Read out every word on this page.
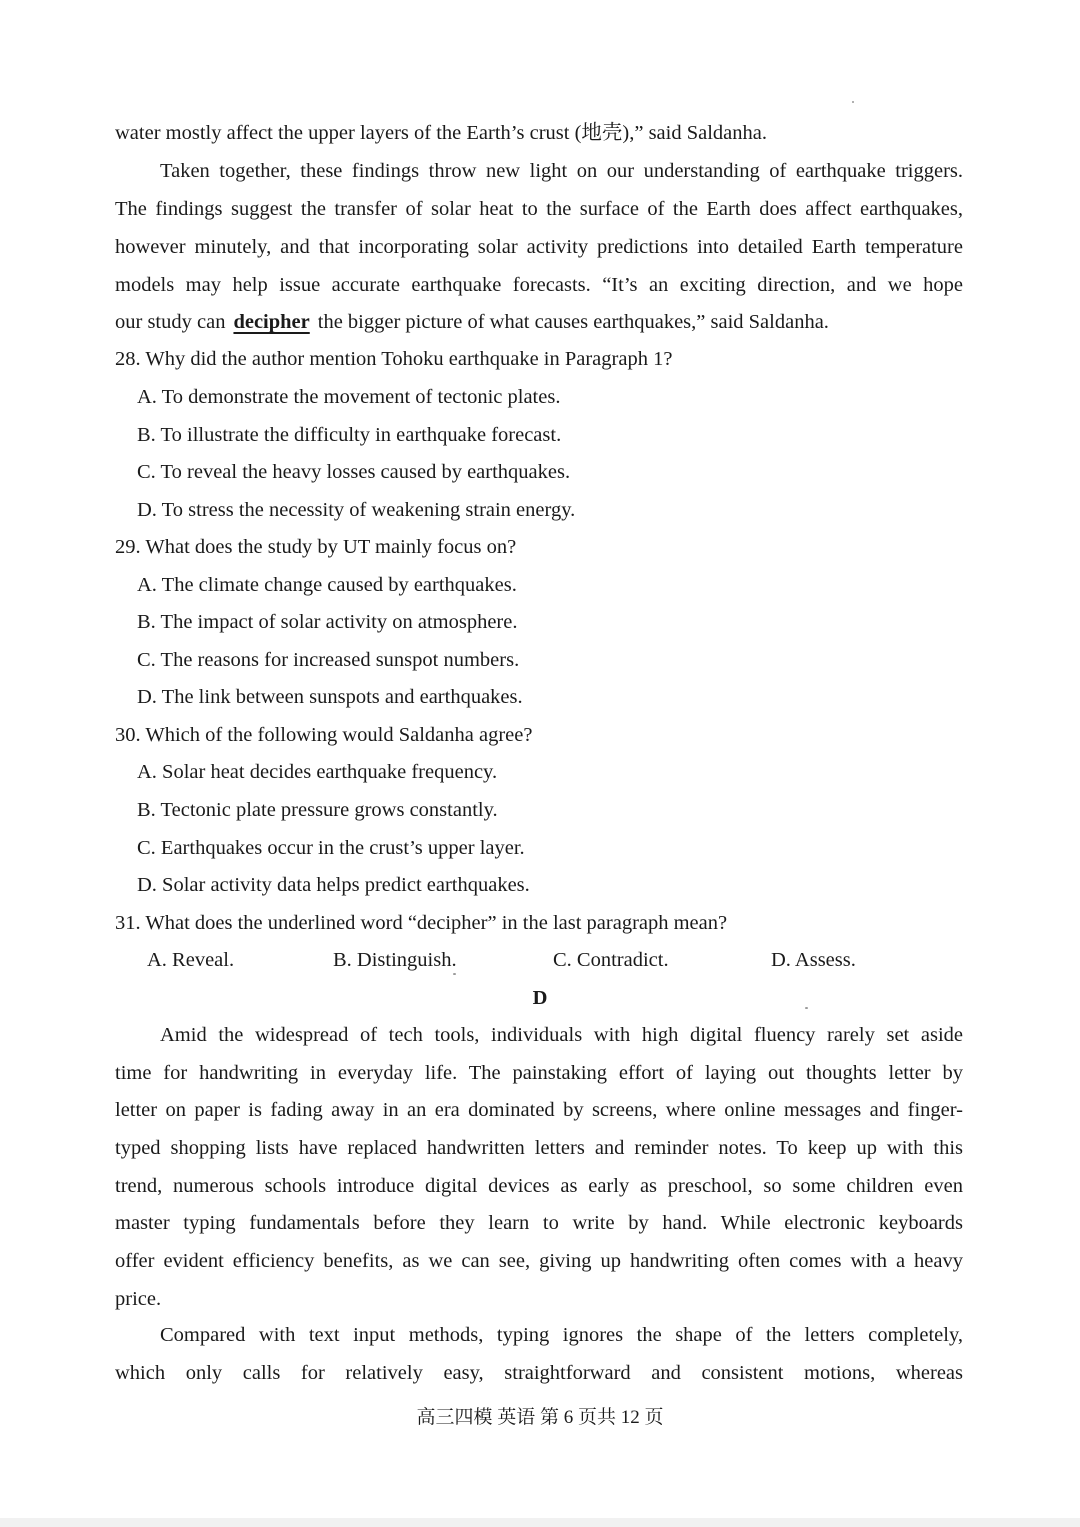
water mostly affect the upper layers of the Earth’s crust (地壳),” said Saldanha.
Taken together, these findings throw new light on our understanding of earthquake triggers.
The findings suggest the transfer of solar heat to the surface of the Earth does affect earthquakes,
however minutely, and that incorporating solar activity predictions into detailed Earth temperature
models may help issue accurate earthquake forecasts. “It’s an exciting direction, and we hope
our study can decipher the bigger picture of what causes earthquakes,” said Saldanha.
28. Why did the author mention Tohoku earthquake in Paragraph 1?
A. To demonstrate the movement of tectonic plates.
B. To illustrate the difficulty in earthquake forecast.
C. To reveal the heavy losses caused by earthquakes.
D. To stress the necessity of weakening strain energy.
29. What does the study by UT mainly focus on?
A. The climate change caused by earthquakes.
B. The impact of solar activity on atmosphere.
C. The reasons for increased sunspot numbers.
D. The link between sunspots and earthquakes.
30. Which of the following would Saldanha agree?
A. Solar heat decides earthquake frequency.
B. Tectonic plate pressure grows constantly.
C. Earthquakes occur in the crust’s upper layer.
D. Solar activity data helps predict earthquakes.
31. What does the underlined word “decipher” in the last paragraph mean?
A. Reveal.	B. Distinguish.	C. Contradict.	D. Assess.
D
Amid the widespread of tech tools, individuals with high digital fluency rarely set aside
time for handwriting in everyday life. The painstaking effort of laying out thoughts letter by
letter on paper is fading away in an era dominated by screens, where online messages and finger-
typed shopping lists have replaced handwritten letters and reminder notes. To keep up with this
trend, numerous schools introduce digital devices as early as preschool, so some children even
master typing fundamentals before they learn to write by hand. While electronic keyboards
offer evident efficiency benefits, as we can see, giving up handwriting often comes with a heavy
price.
Compared with text input methods, typing ignores the shape of the letters completely,
which only calls for relatively easy, straightforward and consistent motions, whereas
高三四模 英语 第 6 页共 12 页
